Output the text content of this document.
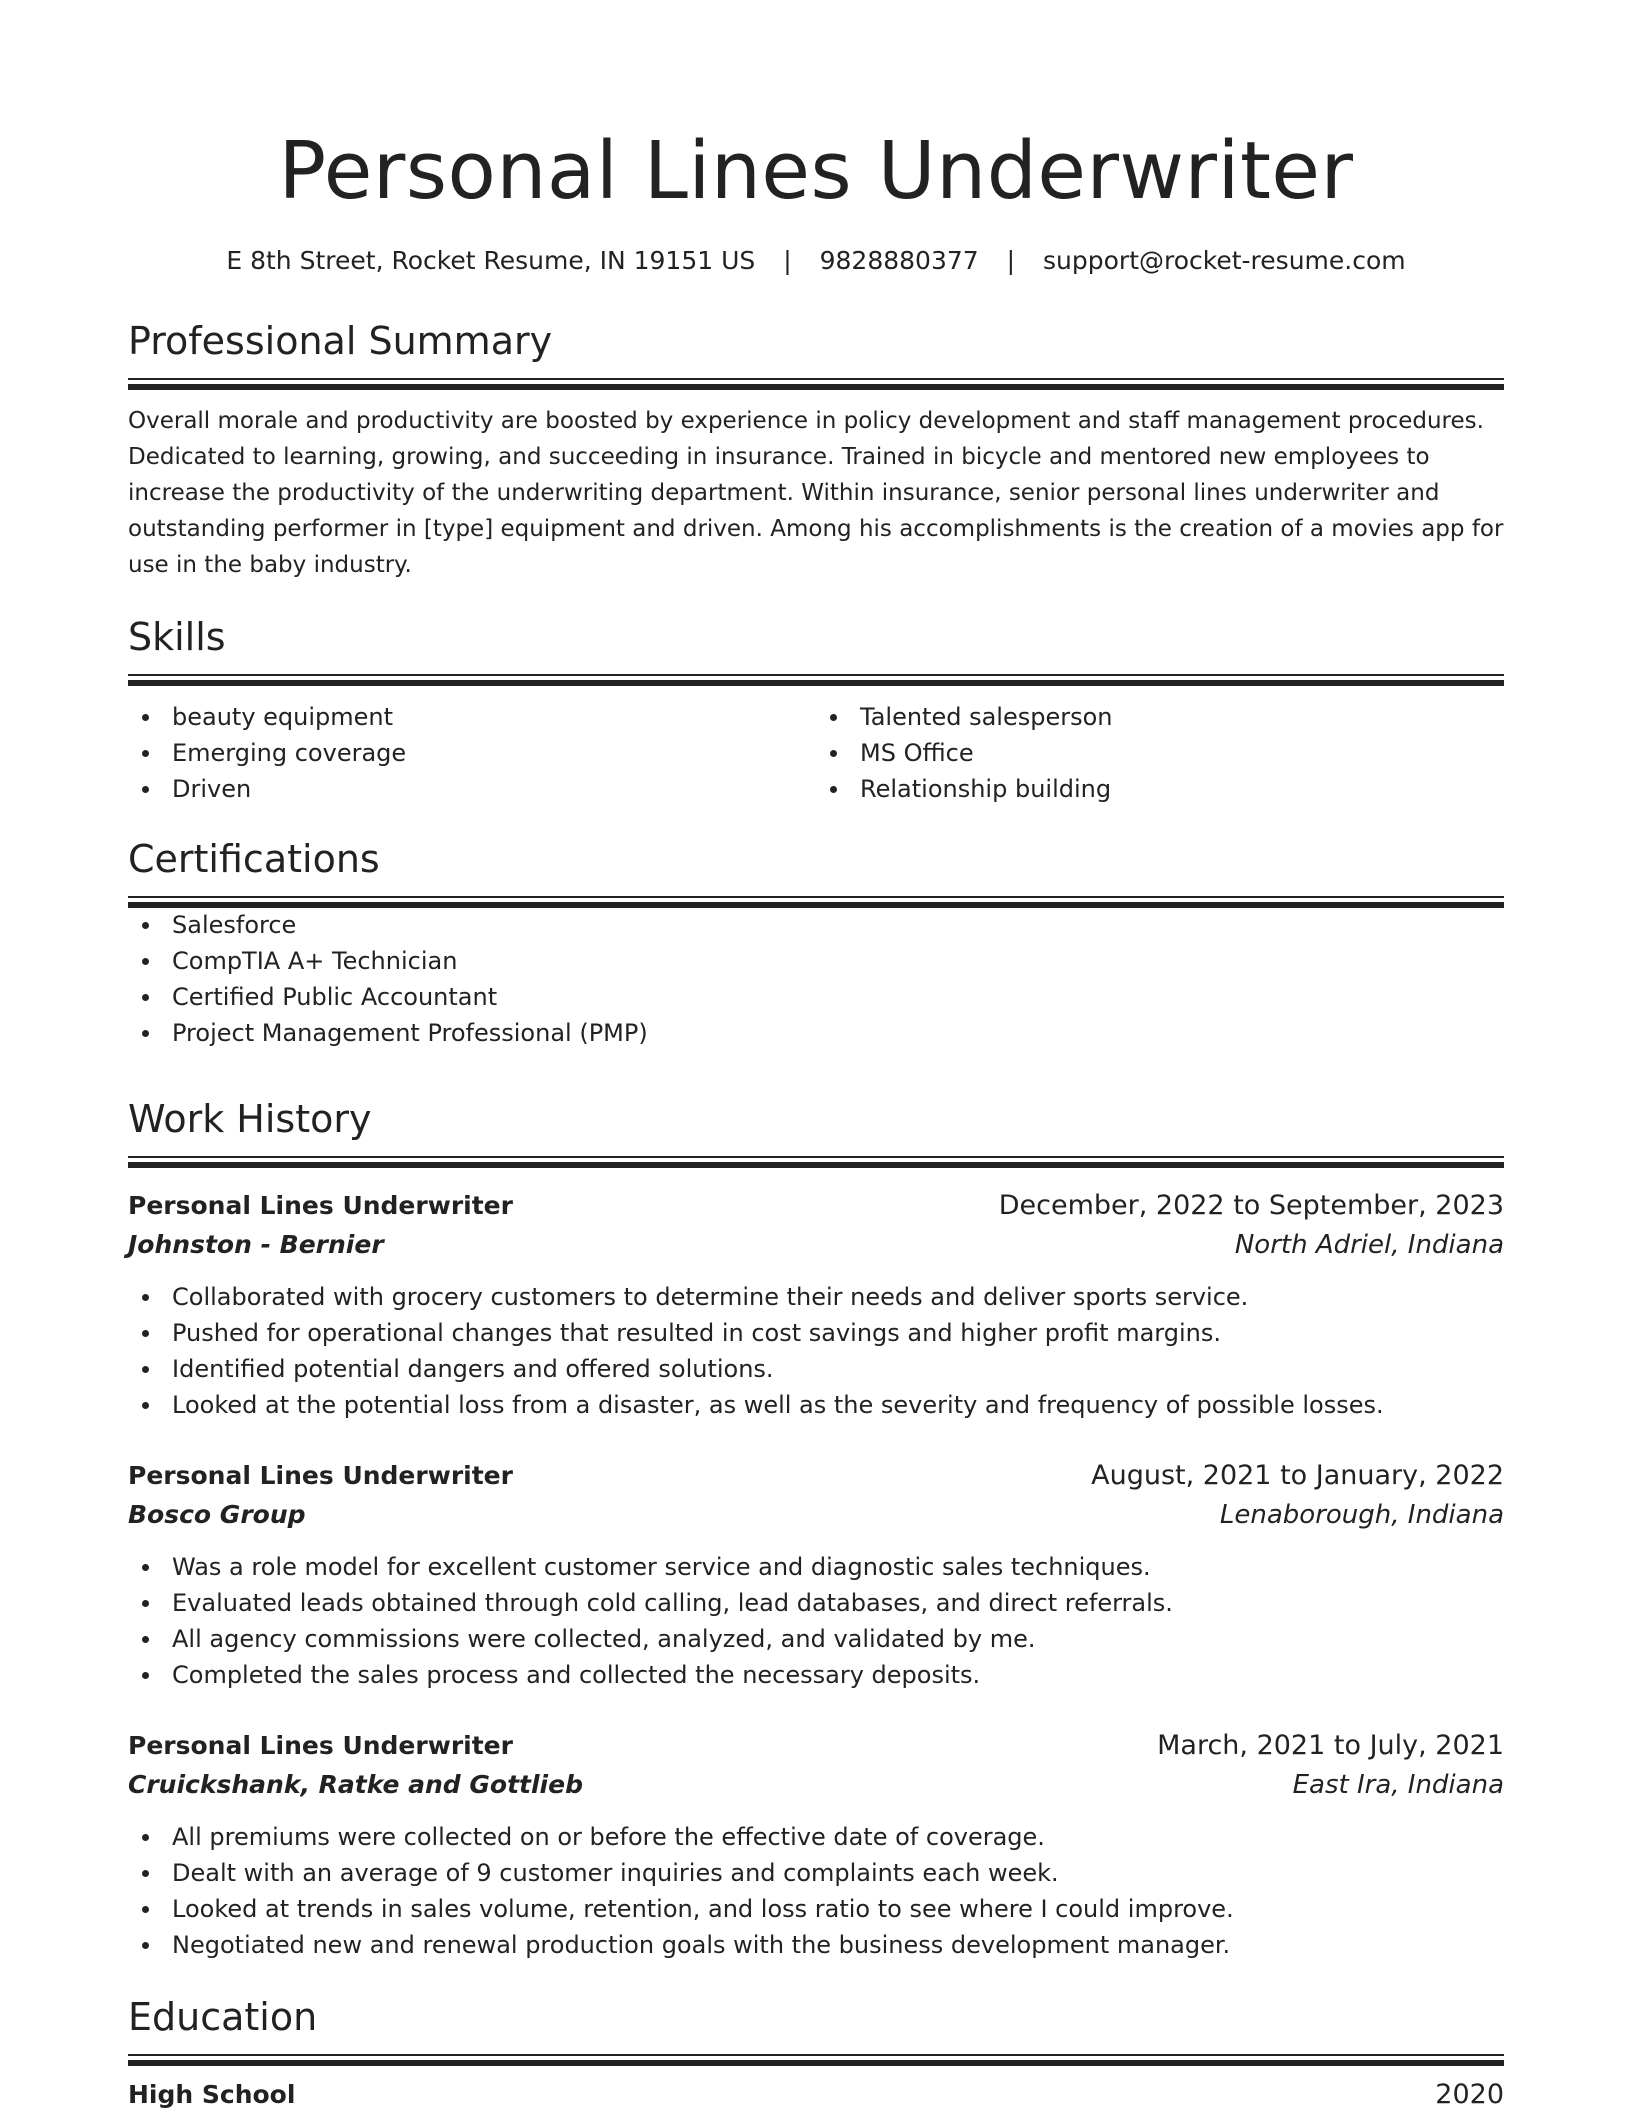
Personal Lines Underwriter
E 8th Street, Rocket Resume, IN 19151 US | 9828880377 | support@rocket-resume.com
Professional Summary
Overall morale and productivity are boosted by experience in policy development and staff management procedures. Dedicated to learning, growing, and succeeding in insurance. Trained in bicycle and mentored new employees to increase the productivity of the underwriting department. Within insurance, senior personal lines underwriter and outstanding performer in [type] equipment and driven. Among his accomplishments is the creation of a movies app for use in the baby industry.
Skills
beauty equipment
Emerging coverage
Driven
Talented salesperson
MS Office
Relationship building
Certifications
Salesforce
CompTIA A+ Technician
Certified Public Accountant
Project Management Professional (PMP)
Work History
Personal Lines Underwriter	December, 2022 to September, 2023
Johnston - Bernier	North Adriel, Indiana
Collaborated with grocery customers to determine their needs and deliver sports service.
Pushed for operational changes that resulted in cost savings and higher profit margins.
Identified potential dangers and offered solutions.
Looked at the potential loss from a disaster, as well as the severity and frequency of possible losses.
Personal Lines Underwriter	August, 2021 to January, 2022
Bosco Group	Lenaborough, Indiana
Was a role model for excellent customer service and diagnostic sales techniques.
Evaluated leads obtained through cold calling, lead databases, and direct referrals.
All agency commissions were collected, analyzed, and validated by me.
Completed the sales process and collected the necessary deposits.
Personal Lines Underwriter	March, 2021 to July, 2021
Cruickshank, Ratke and Gottlieb	East Ira, Indiana
All premiums were collected on or before the effective date of coverage.
Dealt with an average of 9 customer inquiries and complaints each week.
Looked at trends in sales volume, retention, and loss ratio to see where I could improve.
Negotiated new and renewal production goals with the business development manager.
Education
High School	2020
